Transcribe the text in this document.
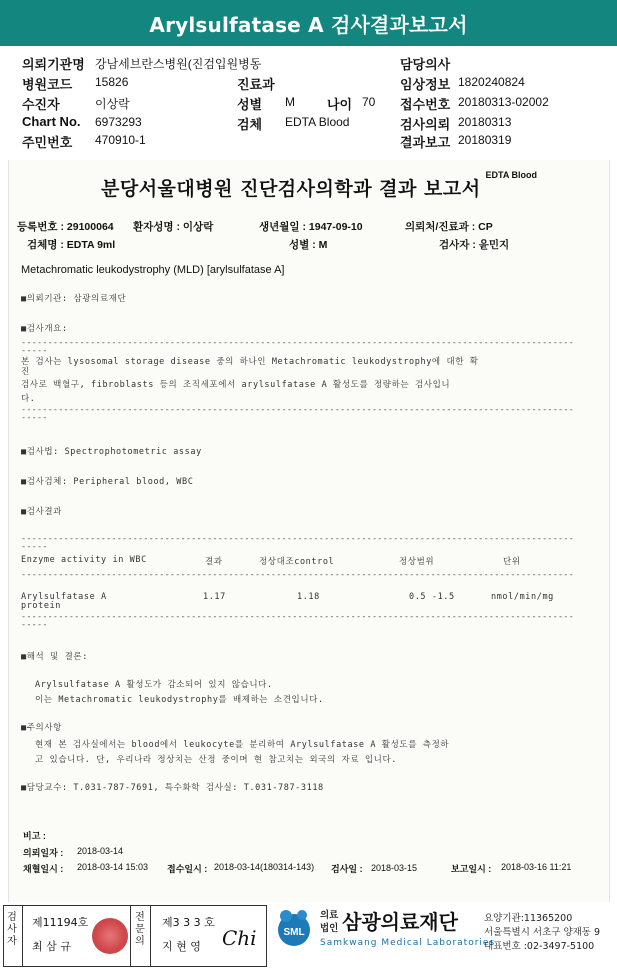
Arylsulfatase A 검사결과보고서
의뢰기관명 강남세브란스병원(진검입원병동	담당의사
병원코드 15826	진료과	임상정보 1820240824
수진자	이상락	성별 M 나이 70 접수번호 20180313-02002
Chart No. 6973293	검체 EDTA Blood	검사의뢰 20180313
주민번호 470910-1	결과보고 20180319
분당서울대병원 진단검사의학과 결과 보고서
EDTA Blood
등록번호 : 29100064 환자성명 : 이상락	생년월일 : 1947-09-10	의뢰처/진료과 : CP
검체명 : EDTA 9ml	성별 : M	검사자 : 윤민지
Metachromatic leukodystrophy (MLD) [arylsulfatase A]
■의뢰기관: 삼광의료재단
■검사개요:
--------------------------------------------------------------------------------------------------------
-----
본 검사는 lysosomal storage disease 중의 하나인 Metachromatic leukodystrophy에 대한 확
진
검사로 백혈구, fibroblasts 등의 조직세포에서 arylsulfatase A 활성도를 정량하는 검사입니
다.
--------------------------------------------------------------------------------------------------------
-----
■검사법: Spectrophotometric assay
■검사검체: Peripheral blood, WBC
■검사결과
--------------------------------------------------------------------------------------------------------
-----
Enzyme activity in WBC	결과	정상대조control	정상범위	단위
--------------------------------------------------------------------------------------------------------
Arylsulfatase A
protein
1.17	1.18	0.5 -1.5	nmol/min/mg
--------------------------------------------------------------------------------------------------------
-----
■해석 및 결론:
Arylsulfatase A 활성도가 감소되어 있지 않습니다.
이는 Metachromatic leukodystrophy를 배제하는 소견입니다.
■주의사항
현재 본 검사실에서는 blood에서 leukocyte를 분리하여 Arylsulfatase A 활성도를 측정하
고 있습니다. 단, 우리나라 정상치는 산정 중이며 현 참고치는 외국의 자료 입니다.
■담당교수: T.031-787-7691, 특수화학 검사실: T.031-787-3118
비고 :
의뢰일자 : 2018-03-14
채혈일시 : 2018-03-14 15:03 접수일시 : 2018-03-14(180314-143) 검사일 : 2018-03-15	보고일시 : 2018-03-16 11:21
검사자
제11194호
최 삼 규
전문의
제3 3 3 호
지 현 영 Chi	SML
의료
법인 삼광의료재단
Samkwang Medical Laboratories
요양기관:11365200
서울특별시 서초구 양재동 9
대표번호 :02-3497-5100
